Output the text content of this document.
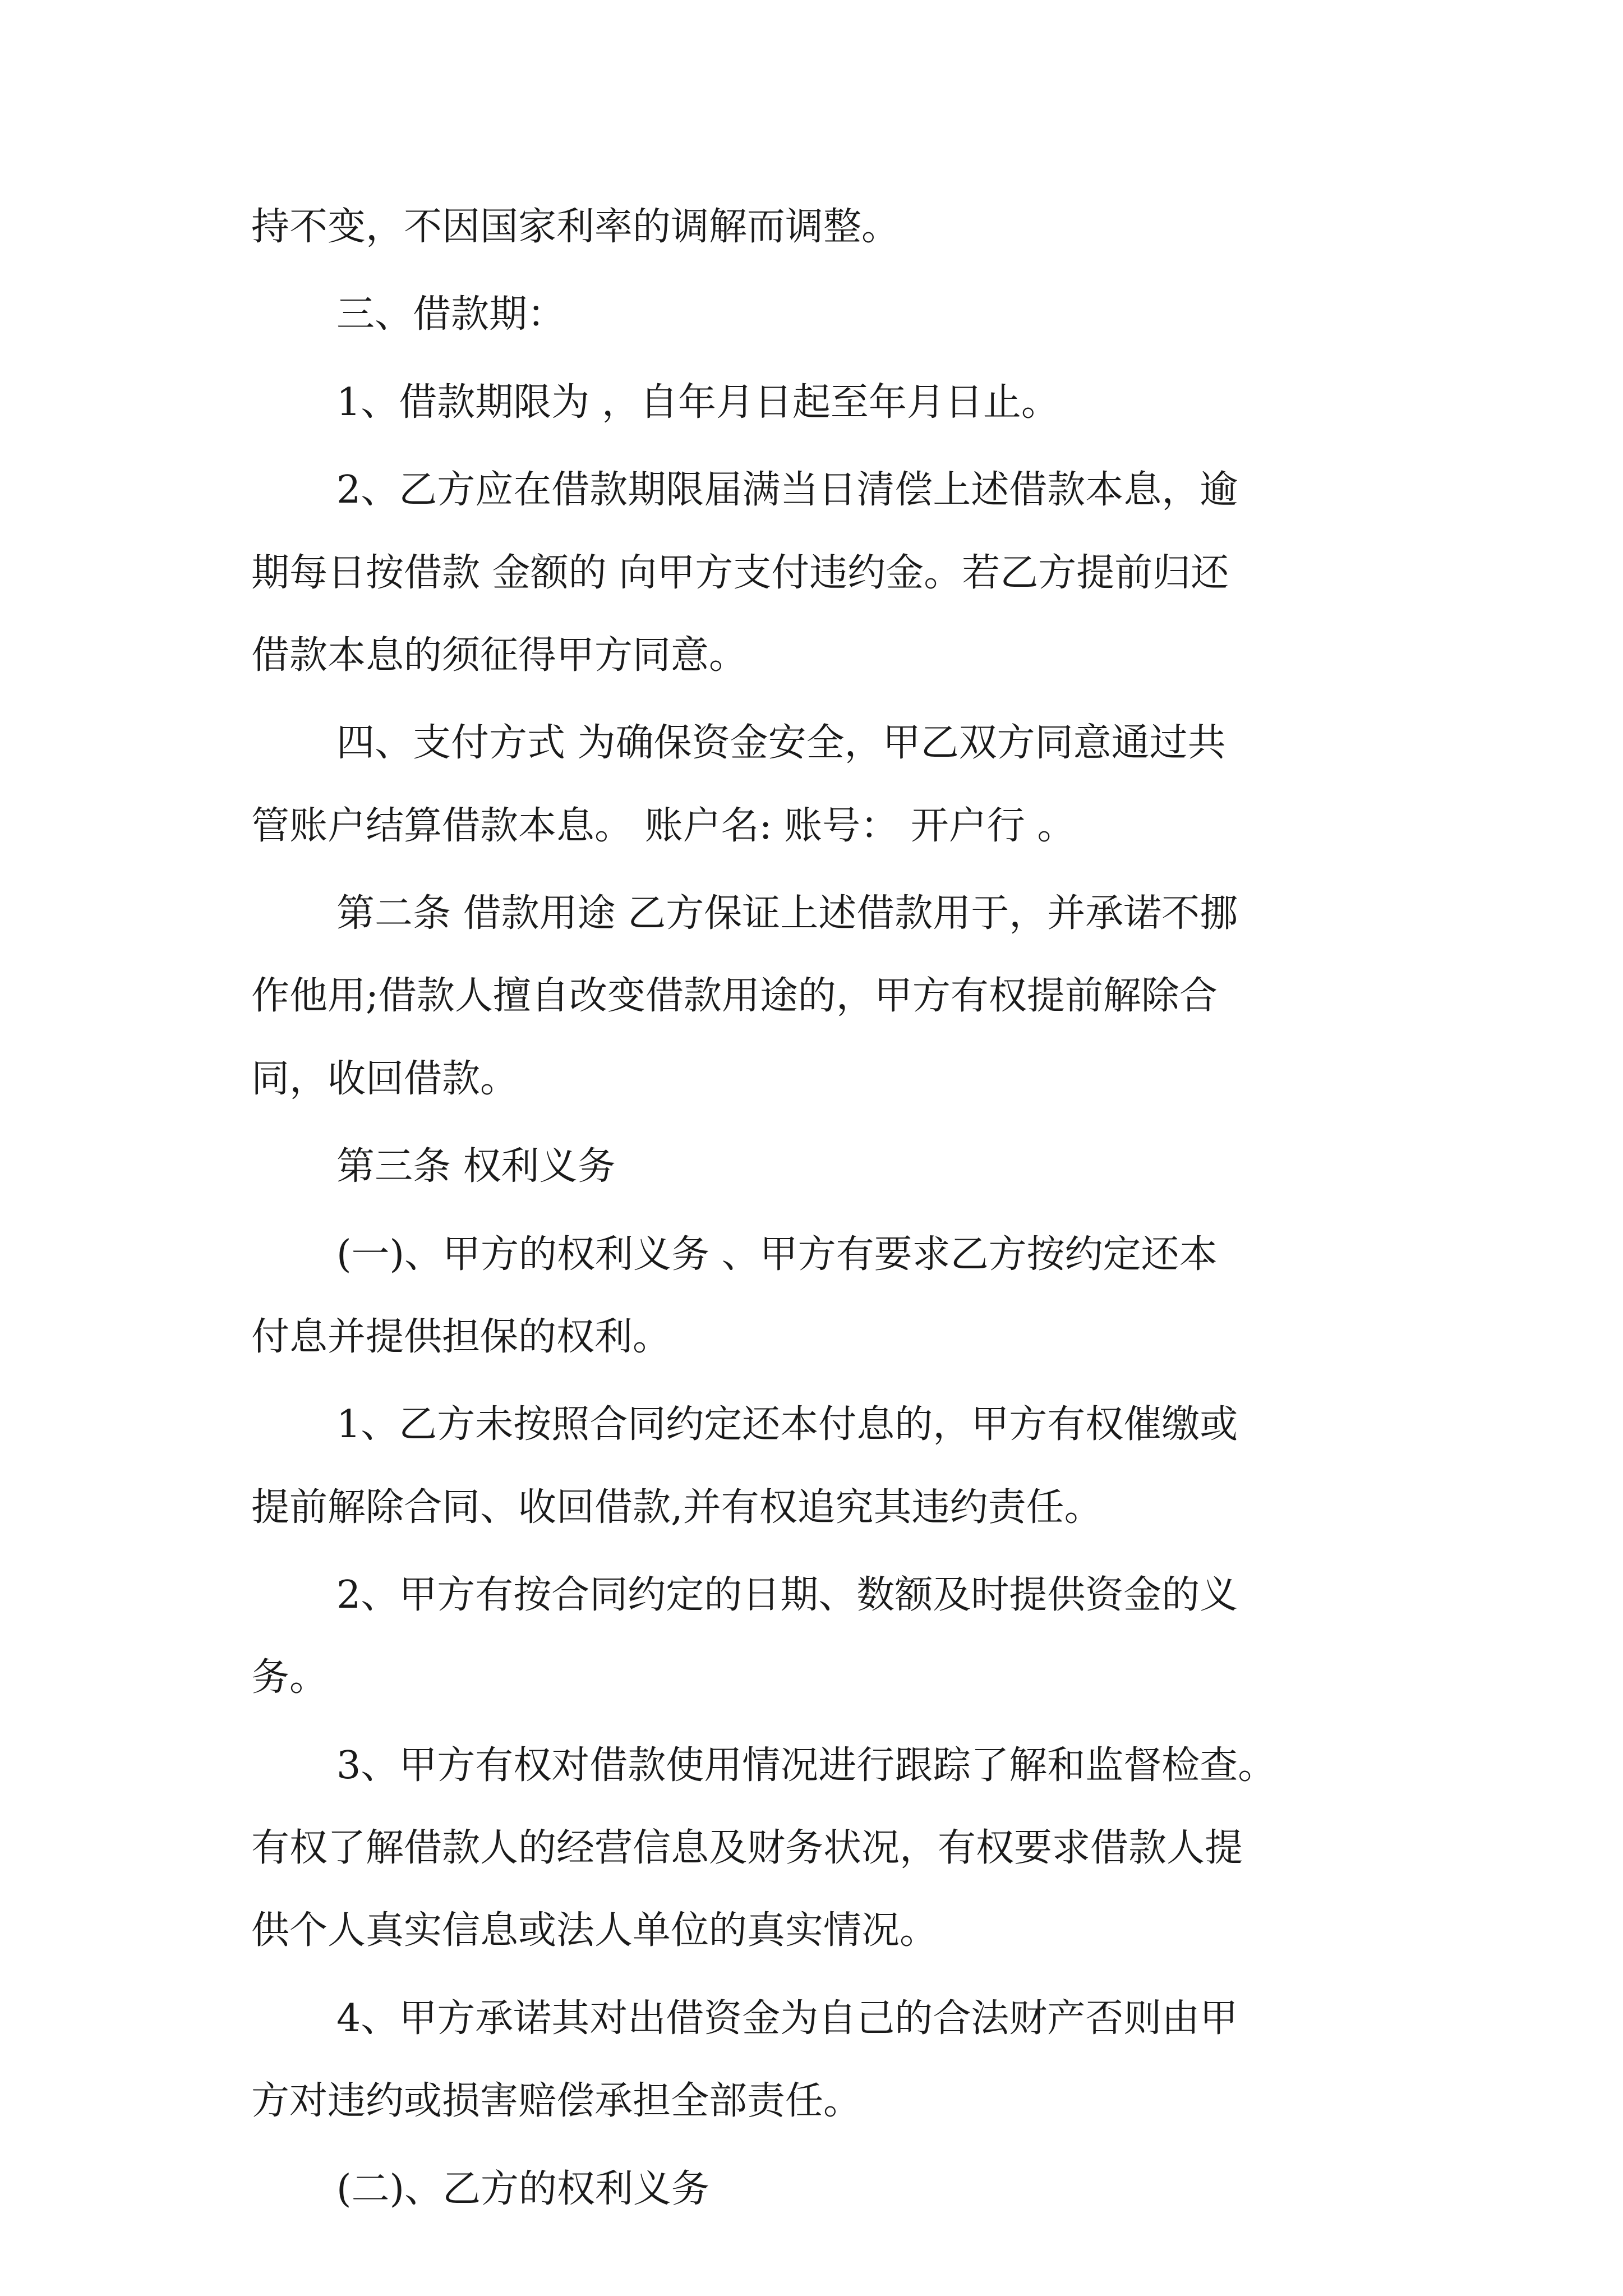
持不变，不因国家利率的调解而调整。

三、借款期：

1、借款期限为 ，自年月日起至年月日止。

2、乙方应在借款期限届满当日清偿上述借款本息，逾

期每日按借款 金额的 向甲方支付违约金。若乙方提前归还

借款本息的须征得甲方同意。

四、支付方式 为确保资金安全，甲乙双方同意通过共

管账户结算借款本息。 账户名: 账号： 开户行 。

第二条 借款用途 乙方保证上述借款用于，并承诺不挪

作他用;借款人擅自改变借款用途的，甲方有权提前解除合

同，收回借款。

第三条 权利义务

(一)、甲方的权利义务 、甲方有要求乙方按约定还本

付息并提供担保的权利。

1、乙方未按照合同约定还本付息的，甲方有权催缴或

提前解除合同、收回借款,并有权追究其违约责任。

2、甲方有按合同约定的日期、数额及时提供资金的义

务。

3、甲方有权对借款使用情况进行跟踪了解和监督检查。

有权了解借款人的经营信息及财务状况，有权要求借款人提

供个人真实信息或法人单位的真实情况。

4、甲方承诺其对出借资金为自己的合法财产否则由甲

方对违约或损害赔偿承担全部责任。

(二)、乙方的权利义务
